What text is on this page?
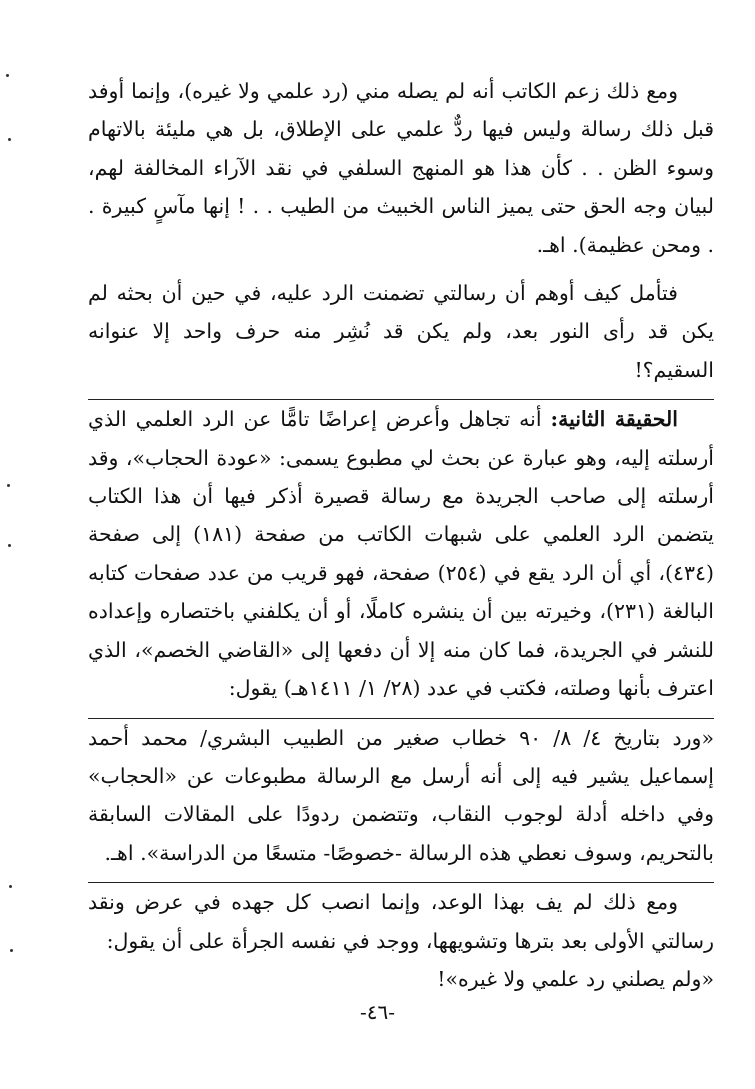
ومع ذلك زعم الكاتب أنه لم يصله مني (رد علمي ولا غيره)، وإنما أوفد قبل ذلك رسالة وليس فيها ردٌّ علمي على الإطلاق، بل هي مليئة بالاتهام وسوء الظن . . كأن هذا هو المنهج السلفي في نقد الآراء المخالفة لهم، لبيان وجه الحق حتى يميز الناس الخبيث من الطيب . . ! إنها مآسٍ كبيرة . . ومحن عظيمة). اهـ.

فتأمل كيف أوهم أن رسالتي تضمنت الرد عليه، في حين أن بحثه لم يكن قد رأى النور بعد، ولم يكن قد نُشِر منه حرف واحد إلا عنوانه السقيم؟!

الحقيقة الثانية: أنه تجاهل وأعرض إعراضًا تامًّا عن الرد العلمي الذي أرسلته إليه، وهو عبارة عن بحث لي مطبوع يسمى: «عودة الحجاب»، وقد أرسلته إلى صاحب الجريدة مع رسالة قصيرة أذكر فيها أن هذا الكتاب يتضمن الرد العلمي على شبهات الكاتب من صفحة (١٨١) إلى صفحة (٤٣٤)، أي أن الرد يقع في (٢٥٤) صفحة، فهو قريب من عدد صفحات كتابه البالغة (٢٣١)، وخيرته بين أن ينشره كاملًا، أو أن يكلفني باختصاره وإعداده للنشر في الجريدة، فما كان منه إلا أن دفعها إلى «القاضي الخصم»، الذي اعترف بأنها وصلته، فكتب في عدد (٢٨/ ١/ ١٤١١هـ) يقول:

«ورد بتاريخ ٤/ ٨/ ٩٠ خطاب صغير من الطبيب البشري/ محمد أحمد إسماعيل يشير فيه إلى أنه أرسل مع الرسالة مطبوعات عن «الحجاب» وفي داخله أدلة لوجوب النقاب، وتتضمن ردودًا على المقالات السابقة بالتحريم، وسوف نعطي هذه الرسالة -خصوصًا- متسعًا من الدراسة». اهـ.

ومع ذلك لم يف بهذا الوعد، وإنما انصب كل جهده في عرض ونقد رسالتي الأولى بعد بترها وتشويهها، ووجد في نفسه الجرأة على أن يقول:

«ولم يصلني رد علمي ولا غيره»!

-٤٦-
